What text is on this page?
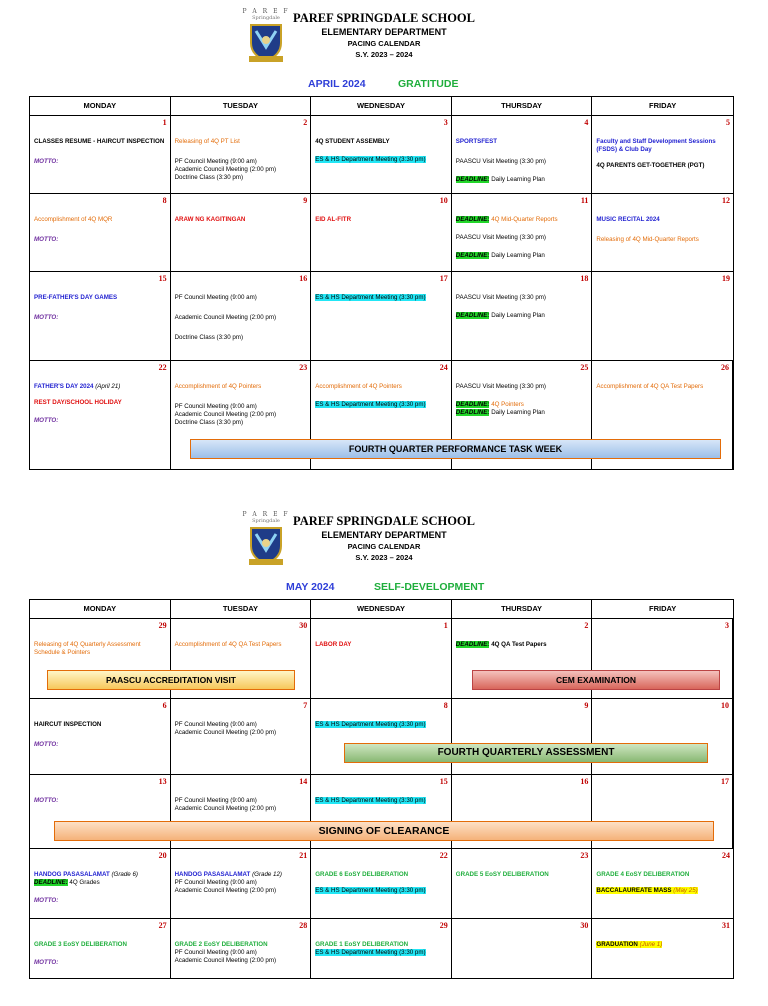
P A R E F
Springdale	PAREF SPRINGDALE SCHOOL
ELEMENTARY DEPARTMENT
PACING CALENDAR
S.Y. 2023 – 2024
APRIL 2024	GRATITUDE
MONDAY	TUESDAY	WEDNESDAY	THURSDAY	FRIDAY
1
CLASSES RESUME - HAIRCUT INSPECTION
MOTTO:
2
Releasing of 4Q PT List
PF Council Meeting (9:00 am)
Academic Council Meeting (2:00 pm)
Doctrine Class (3:30 pm)
3
4Q STUDENT ASSEMBLY
ES & HS Department Meeting (3:30 pm)
4
SPORTSFEST
PAASCU Visit Meeting (3:30 pm)
DEADLINE: Daily Learning Plan
5
Faculty and Staff Development Sessions (FSDS) & Club Day
4Q PARENTS GET-TOGETHER (PGT)
8
Accomplishment of 4Q MQR
MOTTO:
9
ARAW NG KAGITINGAN
10
EID AL-FITR
11
DEADLINE: 4Q Mid-Quarter Reports
PAASCU Visit Meeting (3:30 pm)
DEADLINE: Daily Learning Plan
12
MUSIC RECITAL 2024
Releasing of 4Q Mid-Quarter Reports
15
PRE-FATHER'S DAY GAMES
MOTTO:
16
PF Council Meeting (9:00 am)
Academic Council Meeting (2:00 pm)
Doctrine Class (3:30 pm)
17
ES & HS Department Meeting (3:30 pm)
18
PAASCU Visit Meeting (3:30 pm)
DEADLINE: Daily Learning Plan
19
22
FATHER'S DAY 2024 (April 21)
REST DAY/SCHOOL HOLIDAY
MOTTO:
23
Accomplishment of 4Q Pointers
PF Council Meeting (9:00 am)
Academic Council Meeting (2:00 pm)
Doctrine Class (3:30 pm)
24
Accomplishment of 4Q Pointers
ES & HS Department Meeting (3:30 pm)
25
PAASCU Visit Meeting (3:30 pm)
DEADLINE: 4Q Pointers
DEADLINE: Daily Learning Plan
26
Accomplishment of 4Q QA Test Papers
FOURTH QUARTER PERFORMANCE TASK WEEK
P A R E F
Springdale	PAREF SPRINGDALE SCHOOL
ELEMENTARY DEPARTMENT
PACING CALENDAR
S.Y. 2023 – 2024
MAY 2024	SELF-DEVELOPMENT
MONDAY	TUESDAY	WEDNESDAY	THURSDAY	FRIDAY
29
Releasing of 4Q Quarterly Assessment Schedule & Pointers
30
Accomplishment of 4Q QA Test Papers
1
LABOR DAY
2
DEADLINE: 4Q QA Test Papers
3
PAASCU ACCREDITATION VISIT	CEM EXAMINATION
6
HAIRCUT INSPECTION
MOTTO:
7
PF Council Meeting (9:00 am)
Academic Council Meeting (2:00 pm)
8
ES & HS Department Meeting (3:30 pm)
9	10
FOURTH QUARTERLY ASSESSMENT
13
MOTTO:
14
PF Council Meeting (9:00 am)
Academic Council Meeting (2:00 pm)
15
ES & HS Department Meeting (3:30 pm)
16	17
SIGNING OF CLEARANCE
20
HANDOG PASASALAMAT (Grade 6)
DEADLINE: 4Q Grades
MOTTO:
21
HANDOG PASASALAMAT (Grade 12)
PF Council Meeting (9:00 am)
Academic Council Meeting (2:00 pm)
22
GRADE 6 EoSY DELIBERATION
ES & HS Department Meeting (3:30 pm)
23
GRADE 5 EoSY DELIBERATION
24
GRADE 4 EoSY DELIBERATION
BACCALAUREATE MASS (May 25)
27
GRADE 3 EoSY DELIBERATION
MOTTO:
28
GRADE 2 EoSY DELIBERATION
PF Council Meeting (9:00 am)
Academic Council Meeting (2:00 pm)
29
GRADE 1 EoSY DELIBERATION
ES & HS Department Meeting (3:30 pm)
30	31
GRADUATION (June 1)
